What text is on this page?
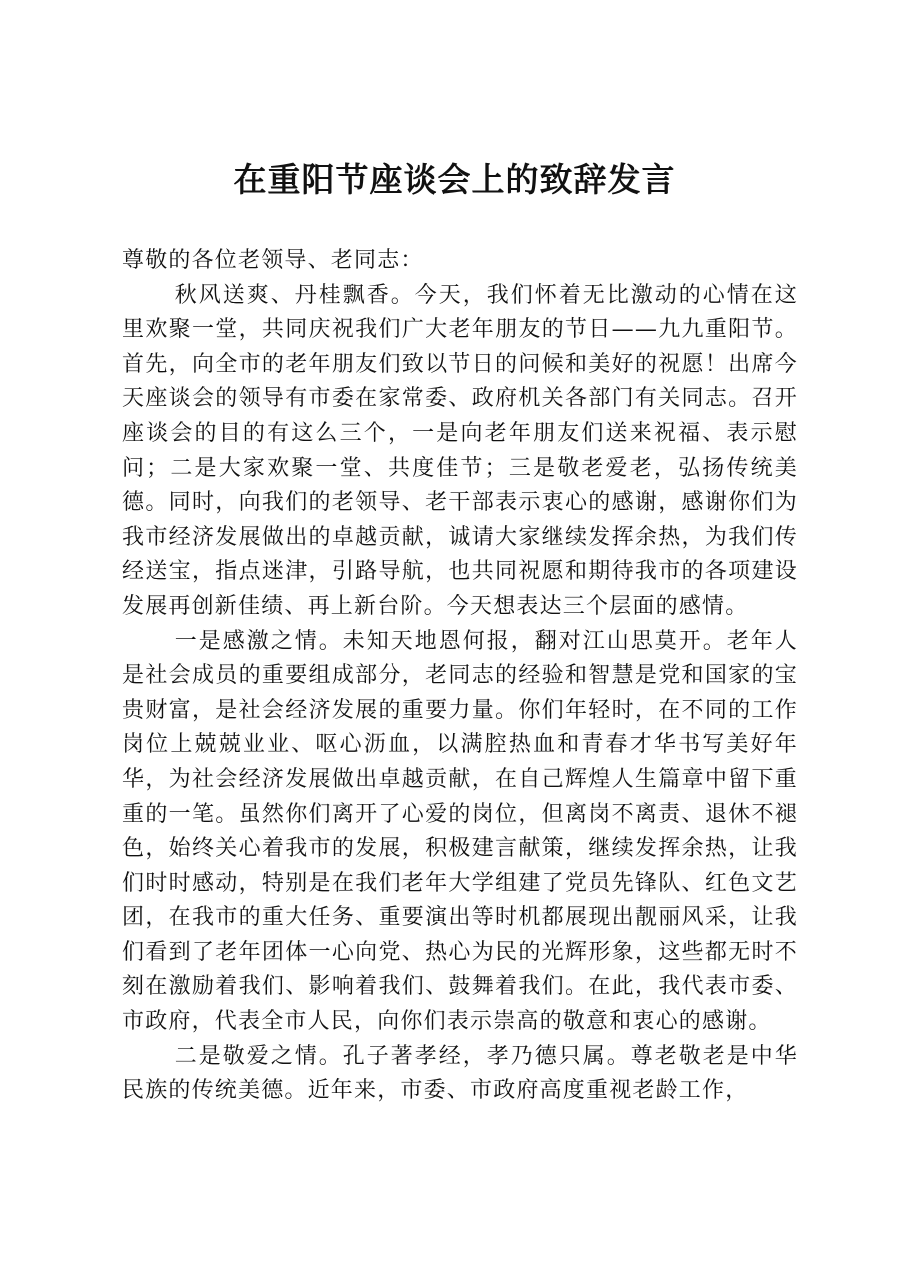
在重阳节座谈会上的致辞发言

尊敬的各位老领导、老同志：

秋风送爽、丹桂飘香。今天，我们怀着无比激动的心情在这里欢聚一堂，共同庆祝我们广大老年朋友的节日——九九重阳节。首先，向全市的老年朋友们致以节日的问候和美好的祝愿！出席今天座谈会的领导有市委在家常委、政府机关各部门有关同志。召开座谈会的目的有这么三个，一是向老年朋友们送来祝福、表示慰问；二是大家欢聚一堂、共度佳节；三是敬老爱老，弘扬传统美德。同时，向我们的老领导、老干部表示衷心的感谢，感谢你们为我市经济发展做出的卓越贡献，诚请大家继续发挥余热，为我们传经送宝，指点迷津，引路导航，也共同祝愿和期待我市的各项建设发展再创新佳绩、再上新台阶。今天想表达三个层面的感情。

一是感激之情。未知天地恩何报，翻对江山思莫开。老年人是社会成员的重要组成部分，老同志的经验和智慧是党和国家的宝贵财富，是社会经济发展的重要力量。你们年轻时，在不同的工作岗位上兢兢业业、呕心沥血，以满腔热血和青春才华书写美好年华，为社会经济发展做出卓越贡献，在自己辉煌人生篇章中留下重重的一笔。虽然你们离开了心爱的岗位，但离岗不离责、退休不褪色，始终关心着我市的发展，积极建言献策，继续发挥余热，让我们时时感动，特别是在我们老年大学组建了党员先锋队、红色文艺团，在我市的重大任务、重要演出等时机都展现出靓丽风采，让我们看到了老年团体一心向党、热心为民的光辉形象，这些都无时不刻在激励着我们、影响着我们、鼓舞着我们。在此，我代表市委、市政府，代表全市人民，向你们表示崇高的敬意和衷心的感谢。

二是敬爱之情。孔子著孝经，孝乃德只属。尊老敬老是中华民族的传统美德。近年来，市委、市政府高度重视老龄工作，
